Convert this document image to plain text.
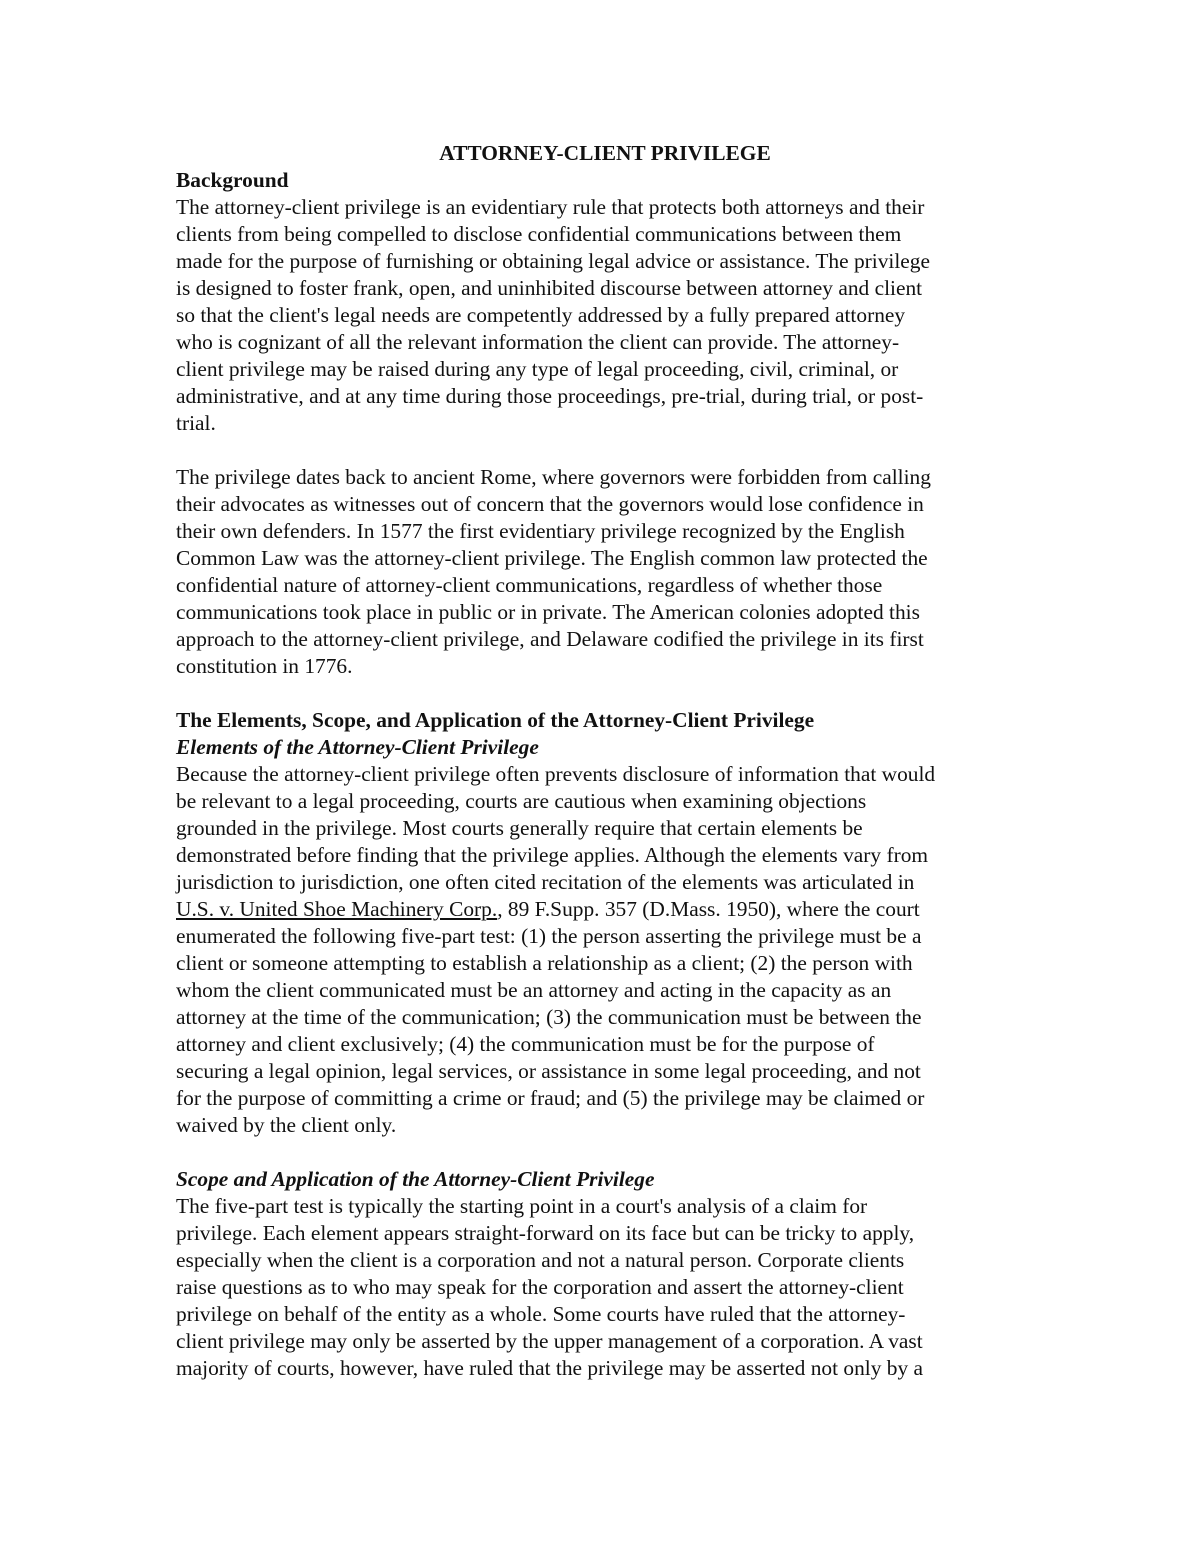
ATTORNEY-CLIENT PRIVILEGE

Background

The attorney-client privilege is an evidentiary rule that protects both attorneys and their
clients from being compelled to disclose confidential communications between them
made for the purpose of furnishing or obtaining legal advice or assistance. The privilege
is designed to foster frank, open, and uninhibited discourse between attorney and client
so that the client's legal needs are competently addressed by a fully prepared attorney
who is cognizant of all the relevant information the client can provide. The attorney-
client privilege may be raised during any type of legal proceeding, civil, criminal, or
administrative, and at any time during those proceedings, pre-trial, during trial, or post-
trial.

The privilege dates back to ancient Rome, where governors were forbidden from calling
their advocates as witnesses out of concern that the governors would lose confidence in
their own defenders. In 1577 the first evidentiary privilege recognized by the English
Common Law was the attorney-client privilege. The English common law protected the
confidential nature of attorney-client communications, regardless of whether those
communications took place in public or in private. The American colonies adopted this
approach to the attorney-client privilege, and Delaware codified the privilege in its first
constitution in 1776.

The Elements, Scope, and Application of the Attorney-Client Privilege

Elements of the Attorney-Client Privilege

Because the attorney-client privilege often prevents disclosure of information that would
be relevant to a legal proceeding, courts are cautious when examining objections
grounded in the privilege. Most courts generally require that certain elements be
demonstrated before finding that the privilege applies. Although the elements vary from
jurisdiction to jurisdiction, one often cited recitation of the elements was articulated in
U.S. v. United Shoe Machinery Corp., 89 F.Supp. 357 (D.Mass. 1950), where the court
enumerated the following five-part test: (1) the person asserting the privilege must be a
client or someone attempting to establish a relationship as a client; (2) the person with
whom the client communicated must be an attorney and acting in the capacity as an
attorney at the time of the communication; (3) the communication must be between the
attorney and client exclusively; (4) the communication must be for the purpose of
securing a legal opinion, legal services, or assistance in some legal proceeding, and not
for the purpose of committing a crime or fraud; and (5) the privilege may be claimed or
waived by the client only.

Scope and Application of the Attorney-Client Privilege

The five-part test is typically the starting point in a court's analysis of a claim for
privilege. Each element appears straight-forward on its face but can be tricky to apply,
especially when the client is a corporation and not a natural person. Corporate clients
raise questions as to who may speak for the corporation and assert the attorney-client
privilege on behalf of the entity as a whole. Some courts have ruled that the attorney-
client privilege may only be asserted by the upper management of a corporation. A vast
majority of courts, however, have ruled that the privilege may be asserted not only by a
